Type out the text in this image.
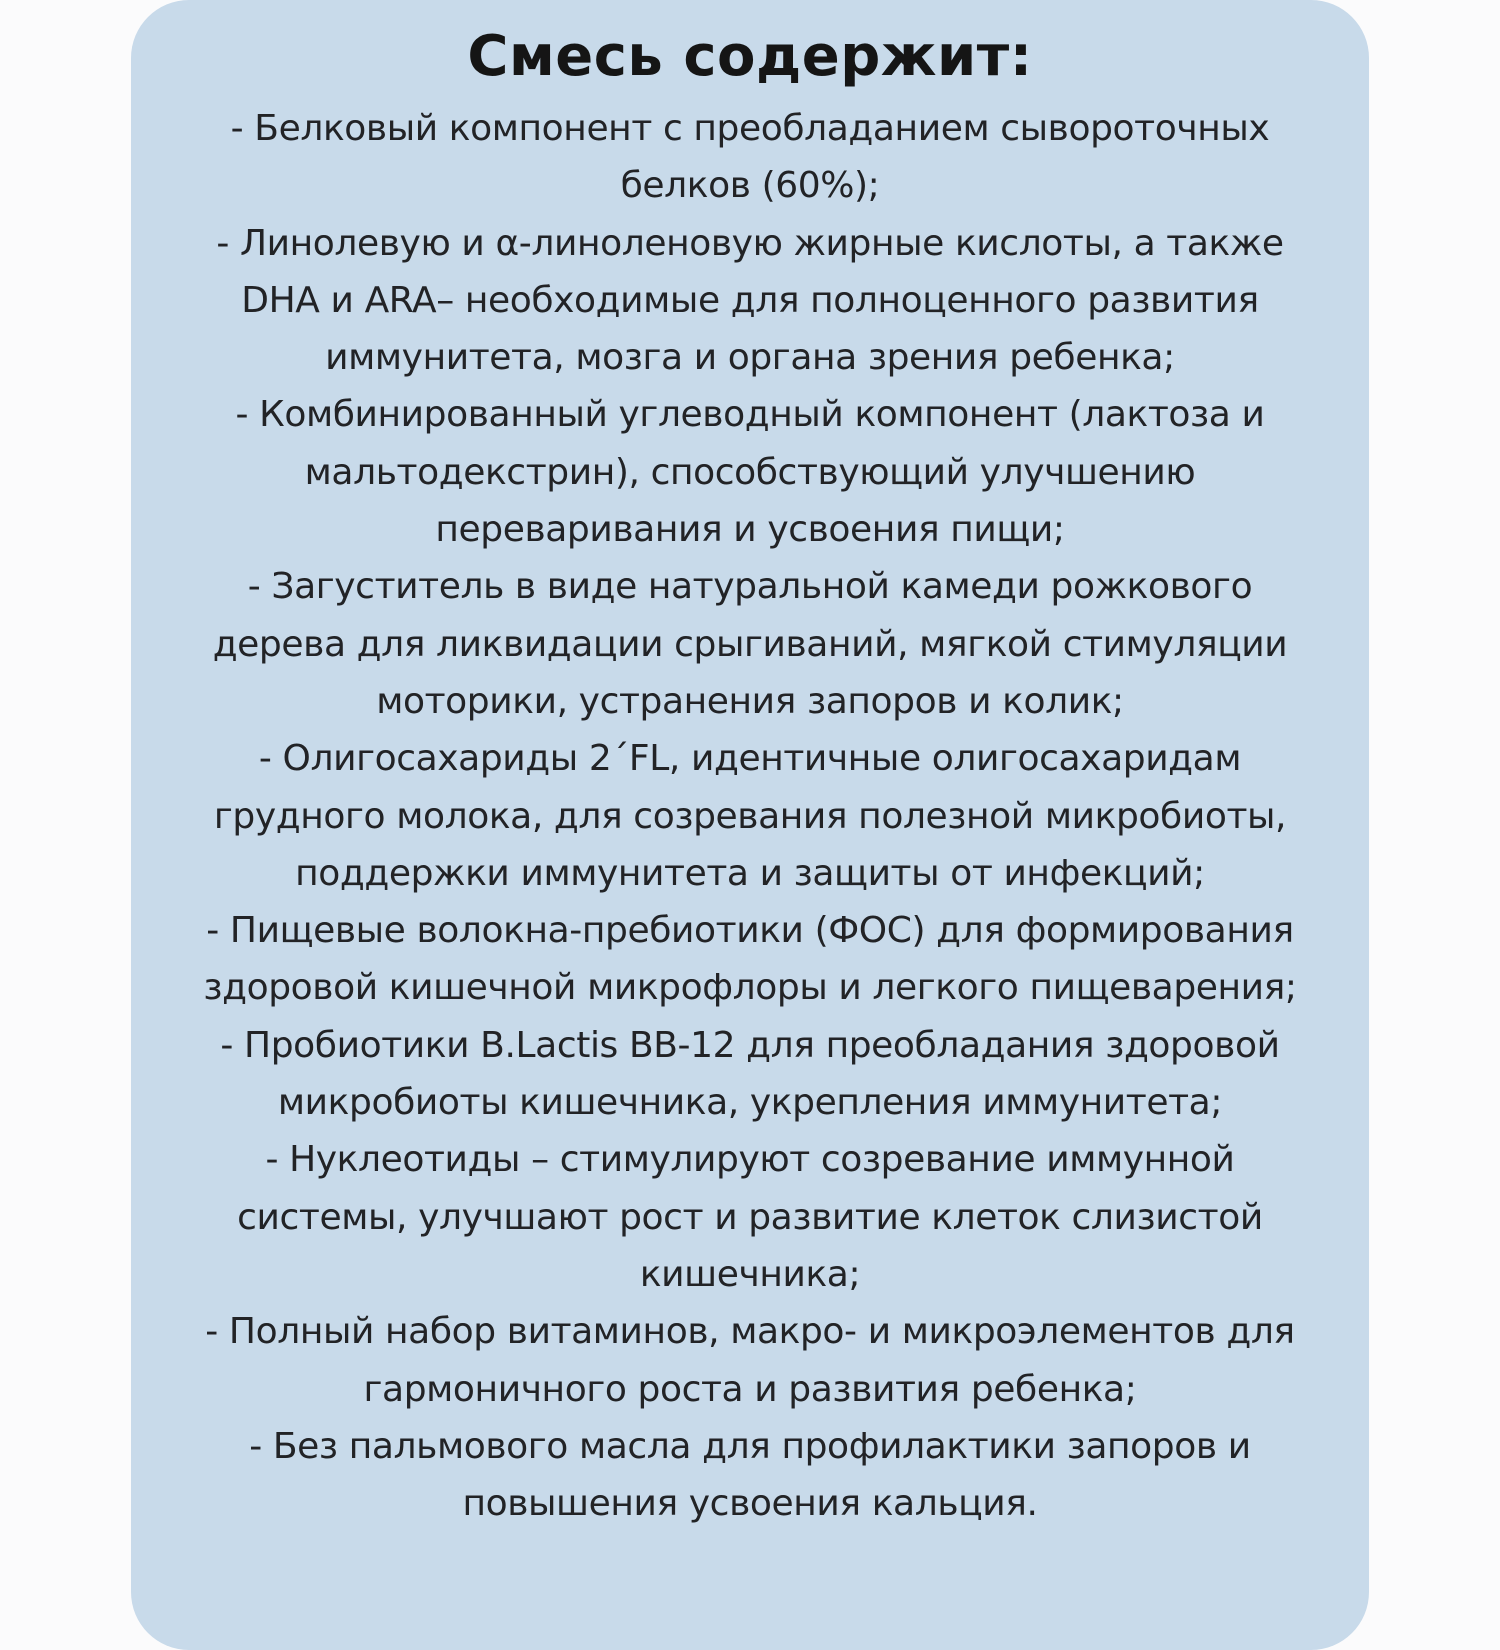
Смесь содержит:
- Белковый компонент с преобладанием сывороточных
белков (60%);
- Линолевую и α-линоленовую жирные кислоты, а также
DHA и ARA– необходимые для полноценного развития
иммунитета, мозга и органа зрения ребенка;
- Комбинированный углеводный компонент (лактоза и
мальтодекстрин), способствующий улучшению
переваривания и усвоения пищи;
- Загуститель в виде натуральной камеди рожкового
дерева для ликвидации срыгиваний, мягкой стимуляции
моторики, устранения запоров и колик;
- Олигосахариды 2´FL, идентичные олигосахаридам
грудного молока, для созревания полезной микробиоты,
поддержки иммунитета и защиты от инфекций;
- Пищевые волокна-пребиотики (ФОС) для формирования
здоровой кишечной микрофлоры и легкого пищеварения;
- Пробиотики B.Lactis BB-12 для преобладания здоровой
микробиоты кишечника, укрепления иммунитета;
- Нуклеотиды – стимулируют созревание иммунной
системы, улучшают рост и развитие клеток слизистой
кишечника;
- Полный набор витаминов, макро- и микроэлементов для
гармоничного роста и развития ребенка;
- Без пальмового масла для профилактики запоров и
повышения усвоения кальция.
